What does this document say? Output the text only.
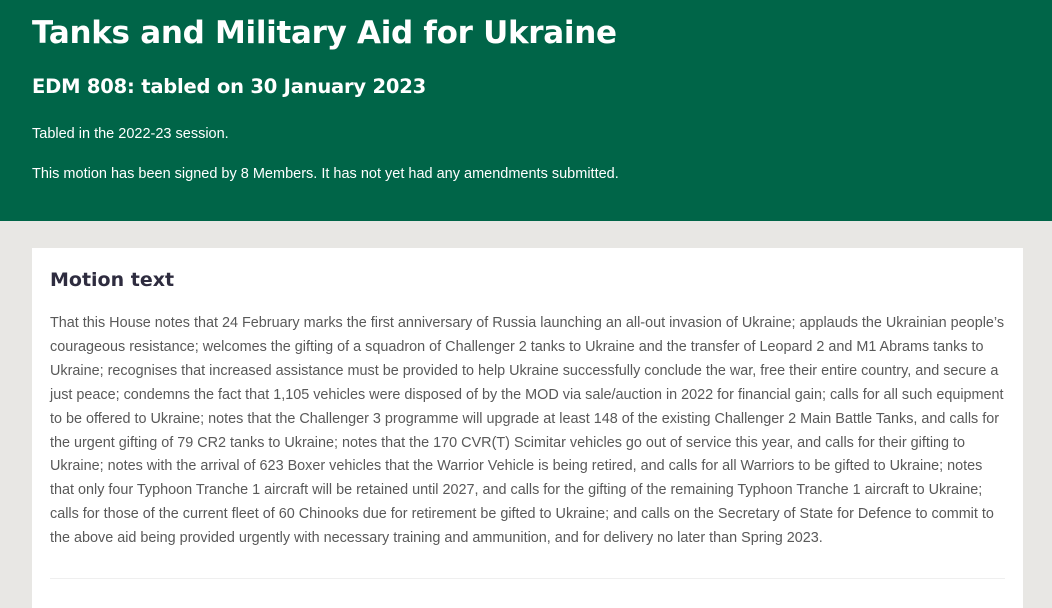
Tanks and Military Aid for Ukraine
EDM 808: tabled on 30 January 2023

Tabled in the 2022-23 session.

This motion has been signed by 8 Members. It has not yet had any amendments submitted.

Motion text

That this House notes that 24 February marks the first anniversary of Russia launching an all-out invasion of Ukraine; applauds the Ukrainian people’s courageous resistance; welcomes the gifting of a squadron of Challenger 2 tanks to Ukraine and the transfer of Leopard 2 and M1 Abrams tanks to Ukraine; recognises that increased assistance must be provided to help Ukraine successfully conclude the war, free their entire country, and secure a just peace; condemns the fact that 1,105 vehicles were disposed of by the MOD via sale/auction in 2022 for financial gain; calls for all such equipment to be offered to Ukraine; notes that the Challenger 3 programme will upgrade at least 148 of the existing Challenger 2 Main Battle Tanks, and calls for the urgent gifting of 79 CR2 tanks to Ukraine; notes that the 170 CVR(T) Scimitar vehicles go out of service this year, and calls for their gifting to Ukraine; notes with the arrival of 623 Boxer vehicles that the Warrior Vehicle is being retired, and calls for all Warriors to be gifted to Ukraine; notes that only four Typhoon Tranche 1 aircraft will be retained until 2027, and calls for the gifting of the remaining Typhoon Tranche 1 aircraft to Ukraine; calls for those of the current fleet of 60 Chinooks due for retirement be gifted to Ukraine; and calls on the Secretary of State for Defence to commit to the above aid being provided urgently with necessary training and ammunition, and for delivery no later than Spring 2023.
